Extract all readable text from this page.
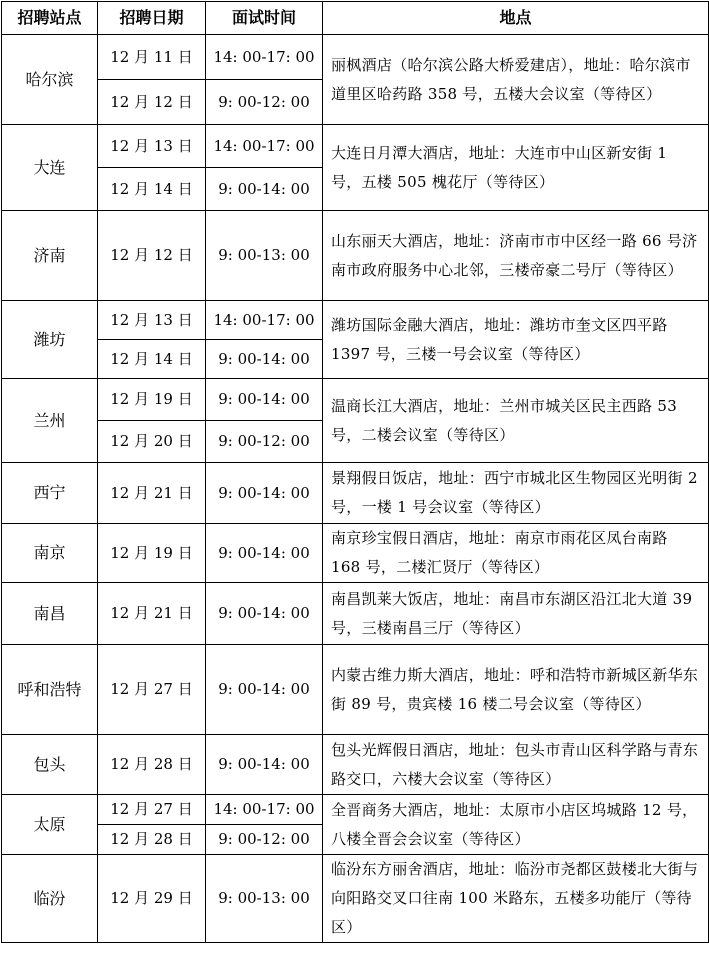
招聘站点	招聘日期	面试时间	地点
哈尔滨	12 月 11 日	14: 00-17: 00	丽枫酒店（哈尔滨公路大桥爱建店），地址：哈尔滨市道里区哈药路 358 号，五楼大会议室（等待区）
	12 月 12 日	9: 00-12: 00	
大连	12 月 13 日	14: 00-17: 00	大连日月潭大酒店，地址：大连市中山区新安街 1 号，五楼 505 槐花厅（等待区）
	12 月 14 日	9: 00-14: 00	
济南	12 月 12 日	9: 00-13: 00	山东丽天大酒店，地址：济南市市中区经一路 66 号济南市政府服务中心北邻，三楼帝豪二号厅（等待区）
潍坊	12 月 13 日	14: 00-17: 00	潍坊国际金融大酒店，地址：潍坊市奎文区四平路 1397 号，三楼一号会议室（等待区）
	12 月 14 日	9: 00-14: 00	
兰州	12 月 19 日	9: 00-14: 00	温商长江大酒店，地址：兰州市城关区民主西路 53 号，二楼会议室（等待区）
	12 月 20 日	9: 00-12: 00	
西宁	12 月 21 日	9: 00-14: 00	景翔假日饭店，地址：西宁市城北区生物园区光明街 2 号，一楼 1 号会议室（等待区）
南京	12 月 19 日	9: 00-14: 00	南京珍宝假日酒店，地址：南京市雨花区凤台南路 168 号，二楼汇贤厅（等待区）
南昌	12 月 21 日	9: 00-14: 00	南昌凯莱大饭店，地址：南昌市东湖区沿江北大道 39 号，三楼南昌三厅（等待区）
呼和浩特	12 月 27 日	9: 00-14: 00	内蒙古维力斯大酒店，地址：呼和浩特市新城区新华东街 89 号，贵宾楼 16 楼二号会议室（等待区）
包头	12 月 28 日	9: 00-14: 00	包头光辉假日酒店，地址：包头市青山区科学路与青东路交口，六楼大会议室（等待区）
太原	12 月 27 日	14: 00-17: 00	全晋商务大酒店，地址：太原市小店区坞城路 12 号，八楼全晋会会议室（等待区）
	12 月 28 日	9: 00-12: 00	
临汾	12 月 29 日	9: 00-13: 00	临汾东方丽舍酒店，地址：临汾市尧都区鼓楼北大街与向阳路交叉口往南 100 米路东，五楼多功能厅（等待区）
